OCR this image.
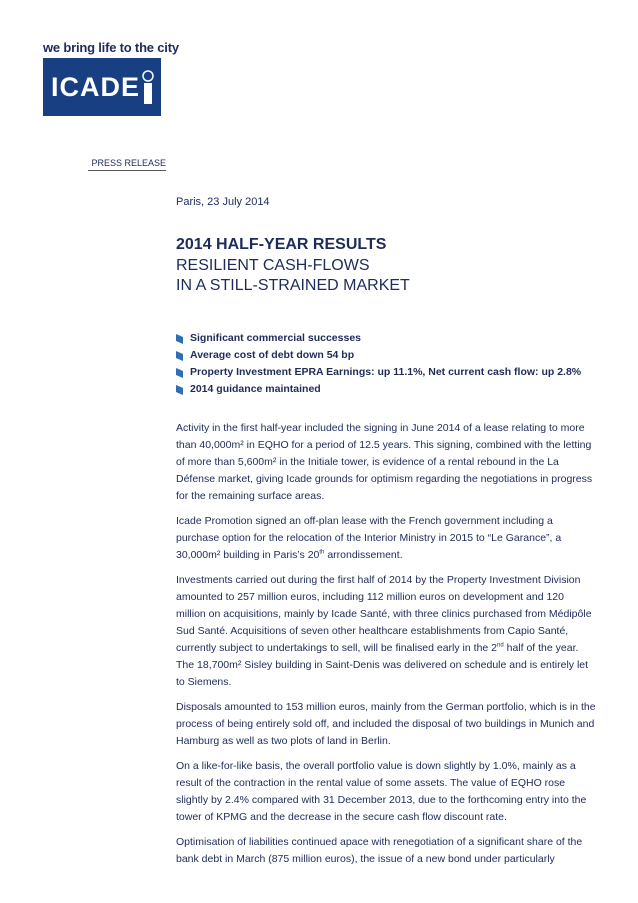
we bring life to the city
ICADE
PRESS RELEASE
Paris, 23 July 2014
2014 HALF-YEAR RESULTS
RESILIENT CASH-FLOWS
IN A STILL-STRAINED MARKET
Significant commercial successes
Average cost of debt down 54 bp
Property Investment EPRA Earnings: up 11.1%, Net current cash flow: up 2.8%
2014 guidance maintained

Activity in the first half-year included the signing in June 2014 of a lease relating to more than 40,000m² in EQHO for a period of 12.5 years. This signing, combined with the letting of more than 5,600m² in the Initiale tower, is evidence of a rental rebound in the La Défense market, giving Icade grounds for optimism regarding the negotiations in progress for the remaining surface areas.

Icade Promotion signed an off-plan lease with the French government including a purchase option for the relocation of the Interior Ministry in 2015 to “Le Garance”, a 30,000m² building in Paris’s 20th arrondissement.

Investments carried out during the first half of 2014 by the Property Investment Division amounted to 257 million euros, including 112 million euros on development and 120 million on acquisitions, mainly by Icade Santé, with three clinics purchased from Médipôle Sud Santé. Acquisitions of seven other healthcare establishments from Capio Santé, currently subject to undertakings to sell, will be finalised early in the 2nd half of the year. The 18,700m² Sisley building in Saint-Denis was delivered on schedule and is entirely let to Siemens.

Disposals amounted to 153 million euros, mainly from the German portfolio, which is in the process of being entirely sold off, and included the disposal of two buildings in Munich and Hamburg as well as two plots of land in Berlin.

On a like-for-like basis, the overall portfolio value is down slightly by 1.0%, mainly as a result of the contraction in the rental value of some assets. The value of EQHO rose slightly by 2.4% compared with 31 December 2013, due to the forthcoming entry into the tower of KPMG and the decrease in the secure cash flow discount rate.

Optimisation of liabilities continued apace with renegotiation of a significant share of the bank debt in March (875 million euros), the issue of a new bond under particularly
